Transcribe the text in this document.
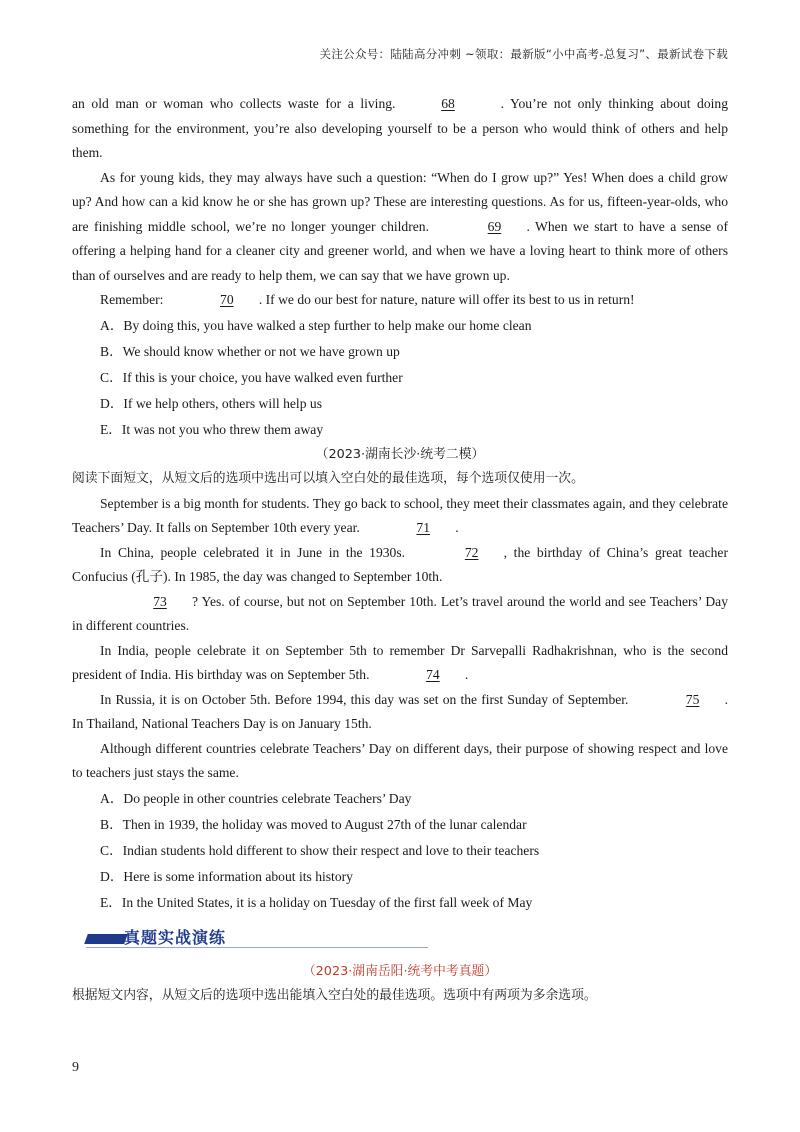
关注公众号：陆陆高分冲刺 ~领取：最新版“小中高考-总复习”、最新试卷下载

an old man or woman who collects waste for a living.	68	. You’re not only thinking about doing something for the environment, you’re also developing yourself to be a person who would think of others and help them.

As for young kids, they may always have such a question: “When do I grow up?” Yes! When does a child grow up? And how can a kid know he or she has grown up? These are interesting questions. As for us, fifteen-year-olds, who are finishing middle school, we’re no longer younger children.	69 . When we start to have a sense of offering a helping hand for a cleaner city and greener world, and when we have a loving heart to think more of others than of ourselves and are ready to help them, we can say that we have grown up.

Remember:	70 . If we do our best for nature, nature will offer its best to us in return!

A．By doing this, you have walked a step further to help make our home clean

B．We should know whether or not we have grown up

C．If this is your choice, you have walked even further

D．If we help others, others will help us

E．It was not you who threw them away

（2023·湖南长沙·统考二模）

阅读下面短文，从短文后的选项中选出可以填入空白处的最佳选项，每个选项仅使用一次。

September is a big month for students. They go back to school, they meet their classmates again, and they celebrate Teachers’ Day. It falls on September 10th every year.	71 .

In China, people celebrated it in June in the 1930s.	72 , the birthday of China’s great teacher Confucius (孔子). In 1985, the day was changed to September 10th.

73 ? Yes. of course, but not on September 10th. Let’s travel around the world and see Teachers’ Day in different countries.

In India, people celebrate it on September 5th to remember Dr Sarvepalli Radhakrishnan, who is the second president of India. His birthday was on September 5th.	74 .

In Russia, it is on October 5th. Before 1994, this day was set on the first Sunday of September.	75 . In Thailand, National Teachers Day is on January 15th.

Although different countries celebrate Teachers’ Day on different days, their purpose of showing respect and love to teachers just stays the same.

A．Do people in other countries celebrate Teachers’ Day

B．Then in 1939, the holiday was moved to August 27th of the lunar calendar

C．Indian students hold different to show their respect and love to their teachers

D．Here is some information about its history

E．In the United States, it is a holiday on Tuesday of the first fall week of May

真题实战演练

（2023·湖南岳阳·统考中考真题）

根据短文内容，从短文后的选项中选出能填入空白处的最佳选项。选项中有两项为多余选项。

9
